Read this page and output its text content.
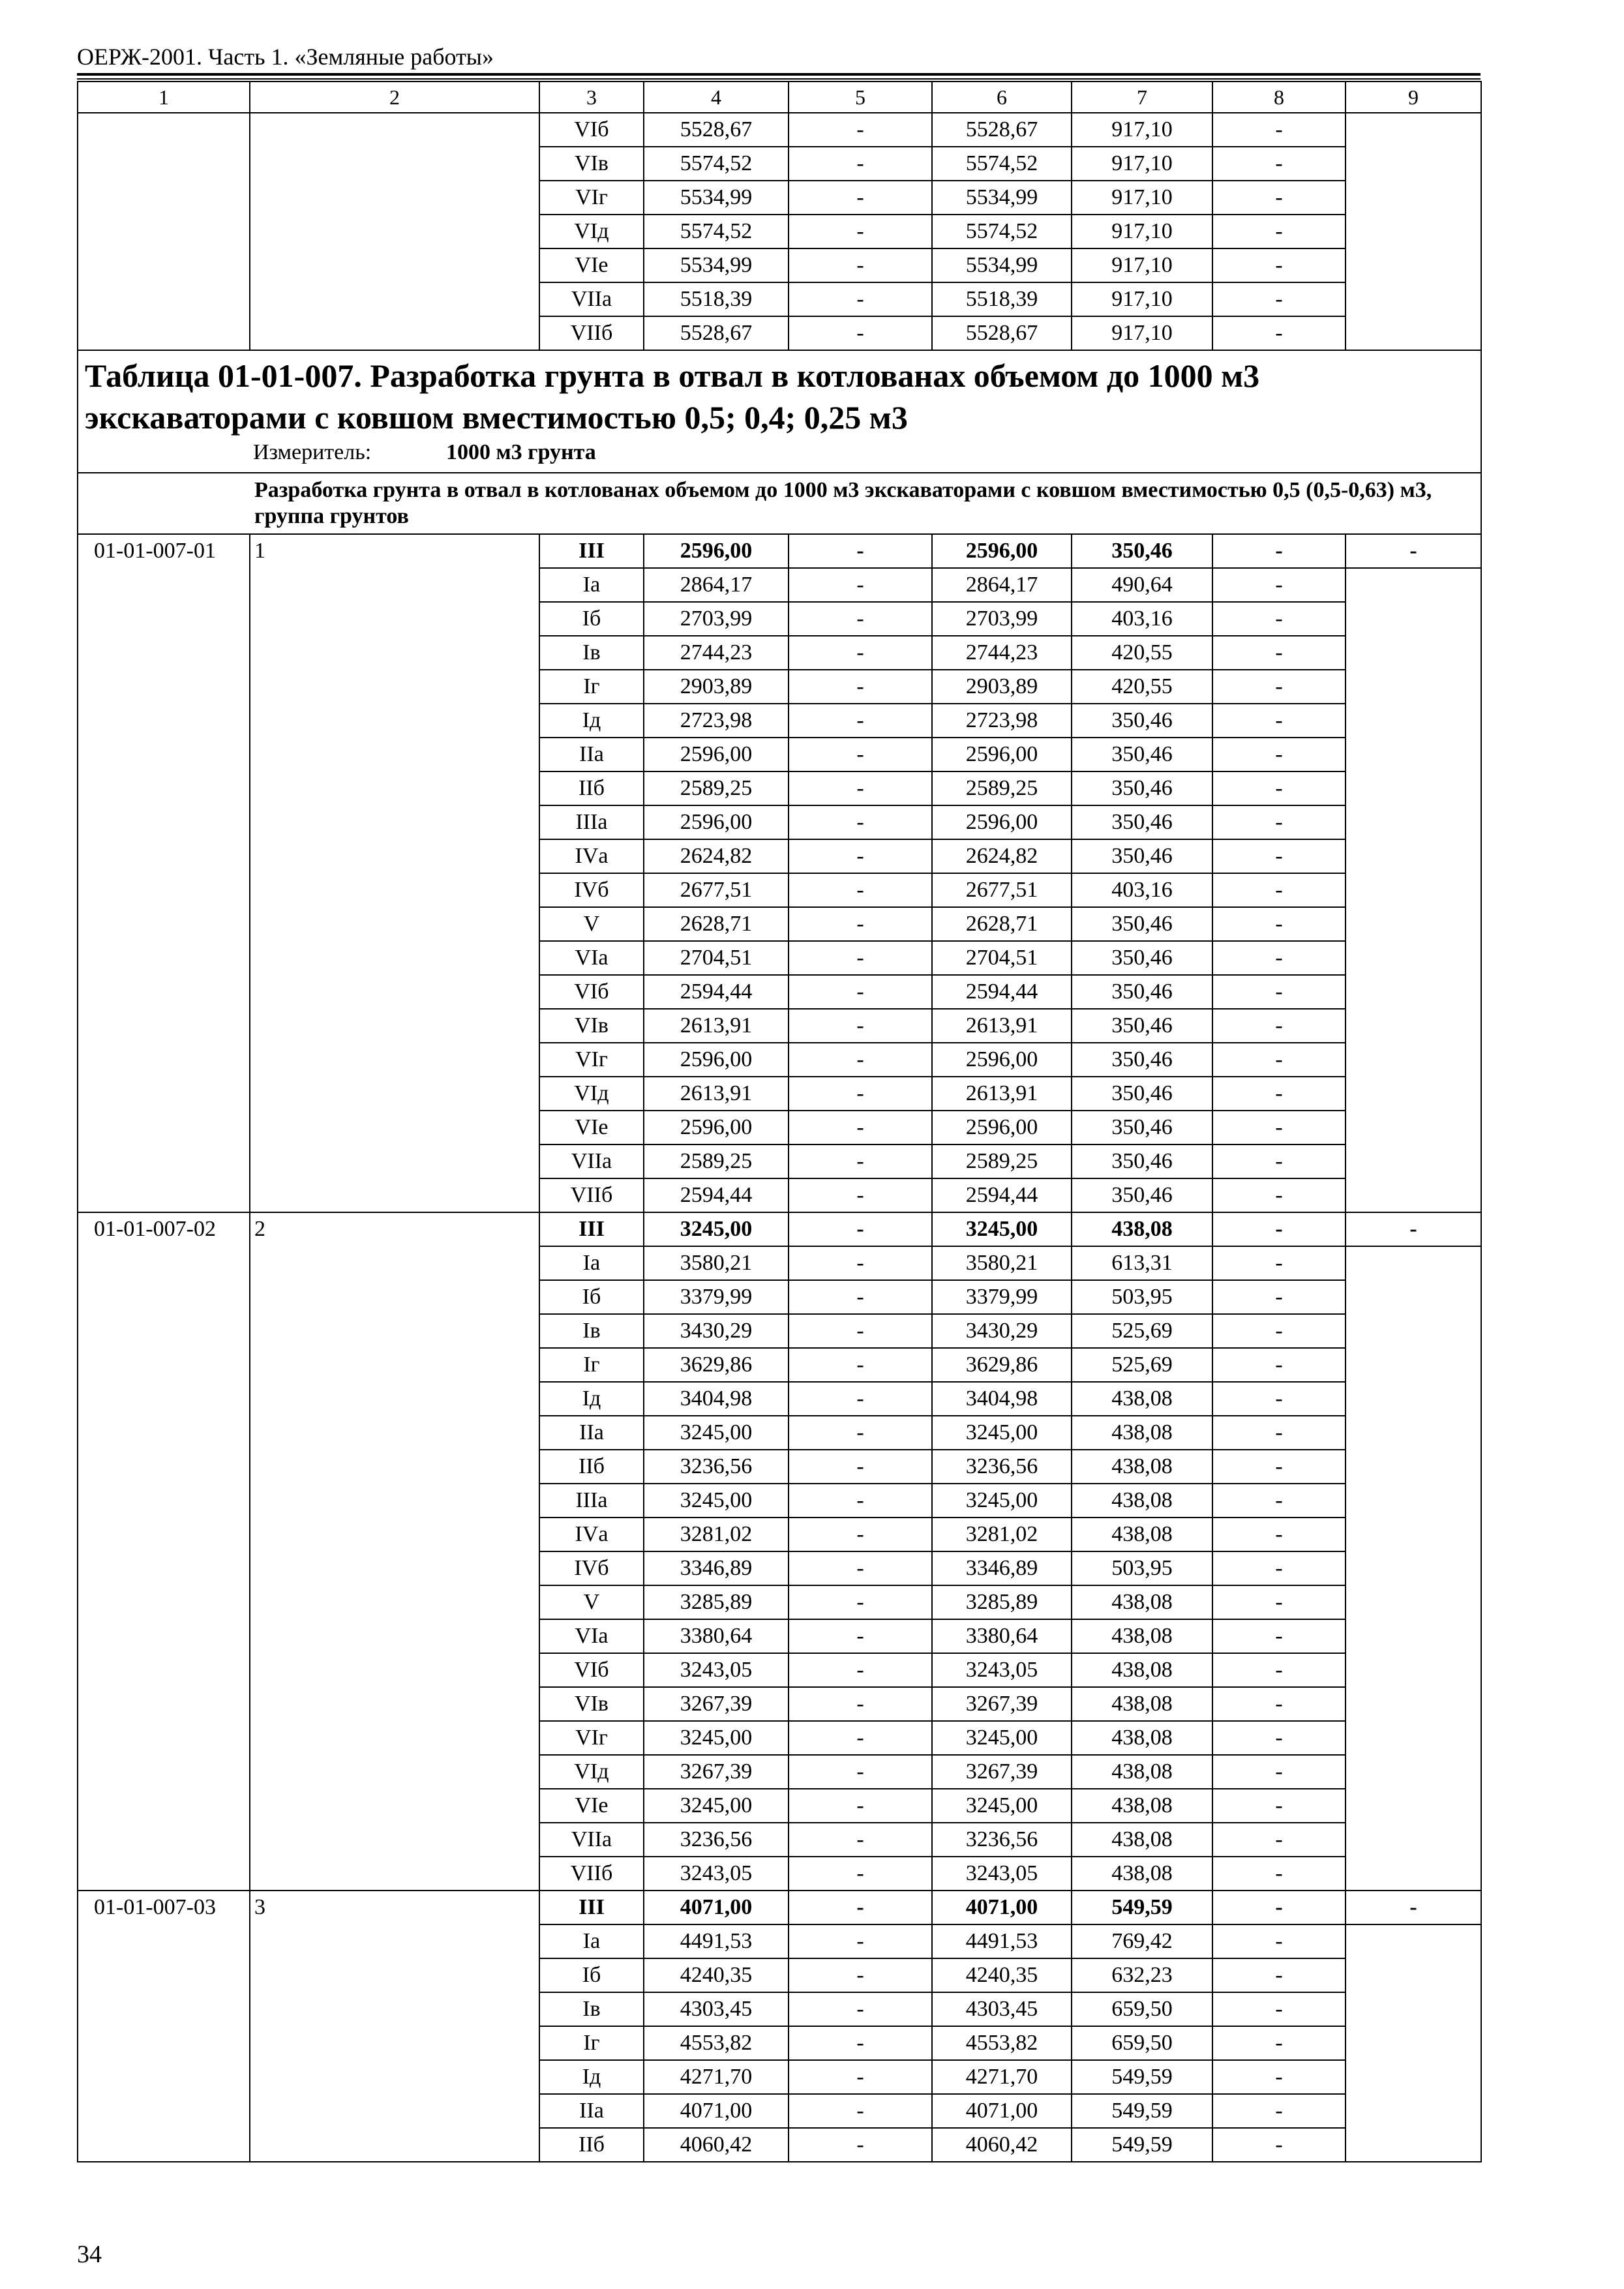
ОЕРЖ-2001. Часть 1. «Земляные работы»
1	2	3	4	5	6	7	8	9
		VIб	5528,67	-	5528,67	917,10	-	
		VIв	5574,52	-	5574,52	917,10	-	
		VIг	5534,99	-	5534,99	917,10	-	
		VIд	5574,52	-	5574,52	917,10	-	
		VIе	5534,99	-	5534,99	917,10	-	
		VIIа	5518,39	-	5518,39	917,10	-	
		VIIб	5528,67	-	5528,67	917,10	-	

Таблица 01-01-007. Разработка грунта в отвал в котлованах объемом до 1000 м3 экскаваторами с ковшом вместимостью 0,5; 0,4; 0,25 м3
Измеритель: 1000 м3 грунта								

Разработка грунта в отвал в котлованах объемом до 1000 м3 экскаваторами с ковшом вместимостью 0,5 (0,5-0,63) м3, группа грунтов								
01-01-007-01	1	III	2596,00	-	2596,00	350,46	-	-
		Iа	2864,17	-	2864,17	490,64	-	
		Iб	2703,99	-	2703,99	403,16	-	
		Iв	2744,23	-	2744,23	420,55	-	
		Iг	2903,89	-	2903,89	420,55	-	
		Iд	2723,98	-	2723,98	350,46	-	
		IIа	2596,00	-	2596,00	350,46	-	
		IIб	2589,25	-	2589,25	350,46	-	
		IIIа	2596,00	-	2596,00	350,46	-	
		IVа	2624,82	-	2624,82	350,46	-	
		IVб	2677,51	-	2677,51	403,16	-	
		V	2628,71	-	2628,71	350,46	-	
		VIа	2704,51	-	2704,51	350,46	-	
		VIб	2594,44	-	2594,44	350,46	-	
		VIв	2613,91	-	2613,91	350,46	-	
		VIг	2596,00	-	2596,00	350,46	-	
		VIд	2613,91	-	2613,91	350,46	-	
		VIе	2596,00	-	2596,00	350,46	-	
		VIIа	2589,25	-	2589,25	350,46	-	
		VIIб	2594,44	-	2594,44	350,46	-	
01-01-007-02	2	III	3245,00	-	3245,00	438,08	-	-
		Iа	3580,21	-	3580,21	613,31	-	
		Iб	3379,99	-	3379,99	503,95	-	
		Iв	3430,29	-	3430,29	525,69	-	
		Iг	3629,86	-	3629,86	525,69	-	
		Iд	3404,98	-	3404,98	438,08	-	
		IIа	3245,00	-	3245,00	438,08	-	
		IIб	3236,56	-	3236,56	438,08	-	
		IIIа	3245,00	-	3245,00	438,08	-	
		IVа	3281,02	-	3281,02	438,08	-	
		IVб	3346,89	-	3346,89	503,95	-	
		V	3285,89	-	3285,89	438,08	-	
		VIа	3380,64	-	3380,64	438,08	-	
		VIб	3243,05	-	3243,05	438,08	-	
		VIв	3267,39	-	3267,39	438,08	-	
		VIг	3245,00	-	3245,00	438,08	-	
		VIд	3267,39	-	3267,39	438,08	-	
		VIе	3245,00	-	3245,00	438,08	-	
		VIIа	3236,56	-	3236,56	438,08	-	
		VIIб	3243,05	-	3243,05	438,08	-	
01-01-007-03	3	III	4071,00	-	4071,00	549,59	-	-
		Iа	4491,53	-	4491,53	769,42	-	
		Iб	4240,35	-	4240,35	632,23	-	
		Iв	4303,45	-	4303,45	659,50	-	
		Iг	4553,82	-	4553,82	659,50	-	
		Iд	4271,70	-	4271,70	549,59	-	
		IIа	4071,00	-	4071,00	549,59	-	
		IIб	4060,42	-	4060,42	549,59	-	
34
